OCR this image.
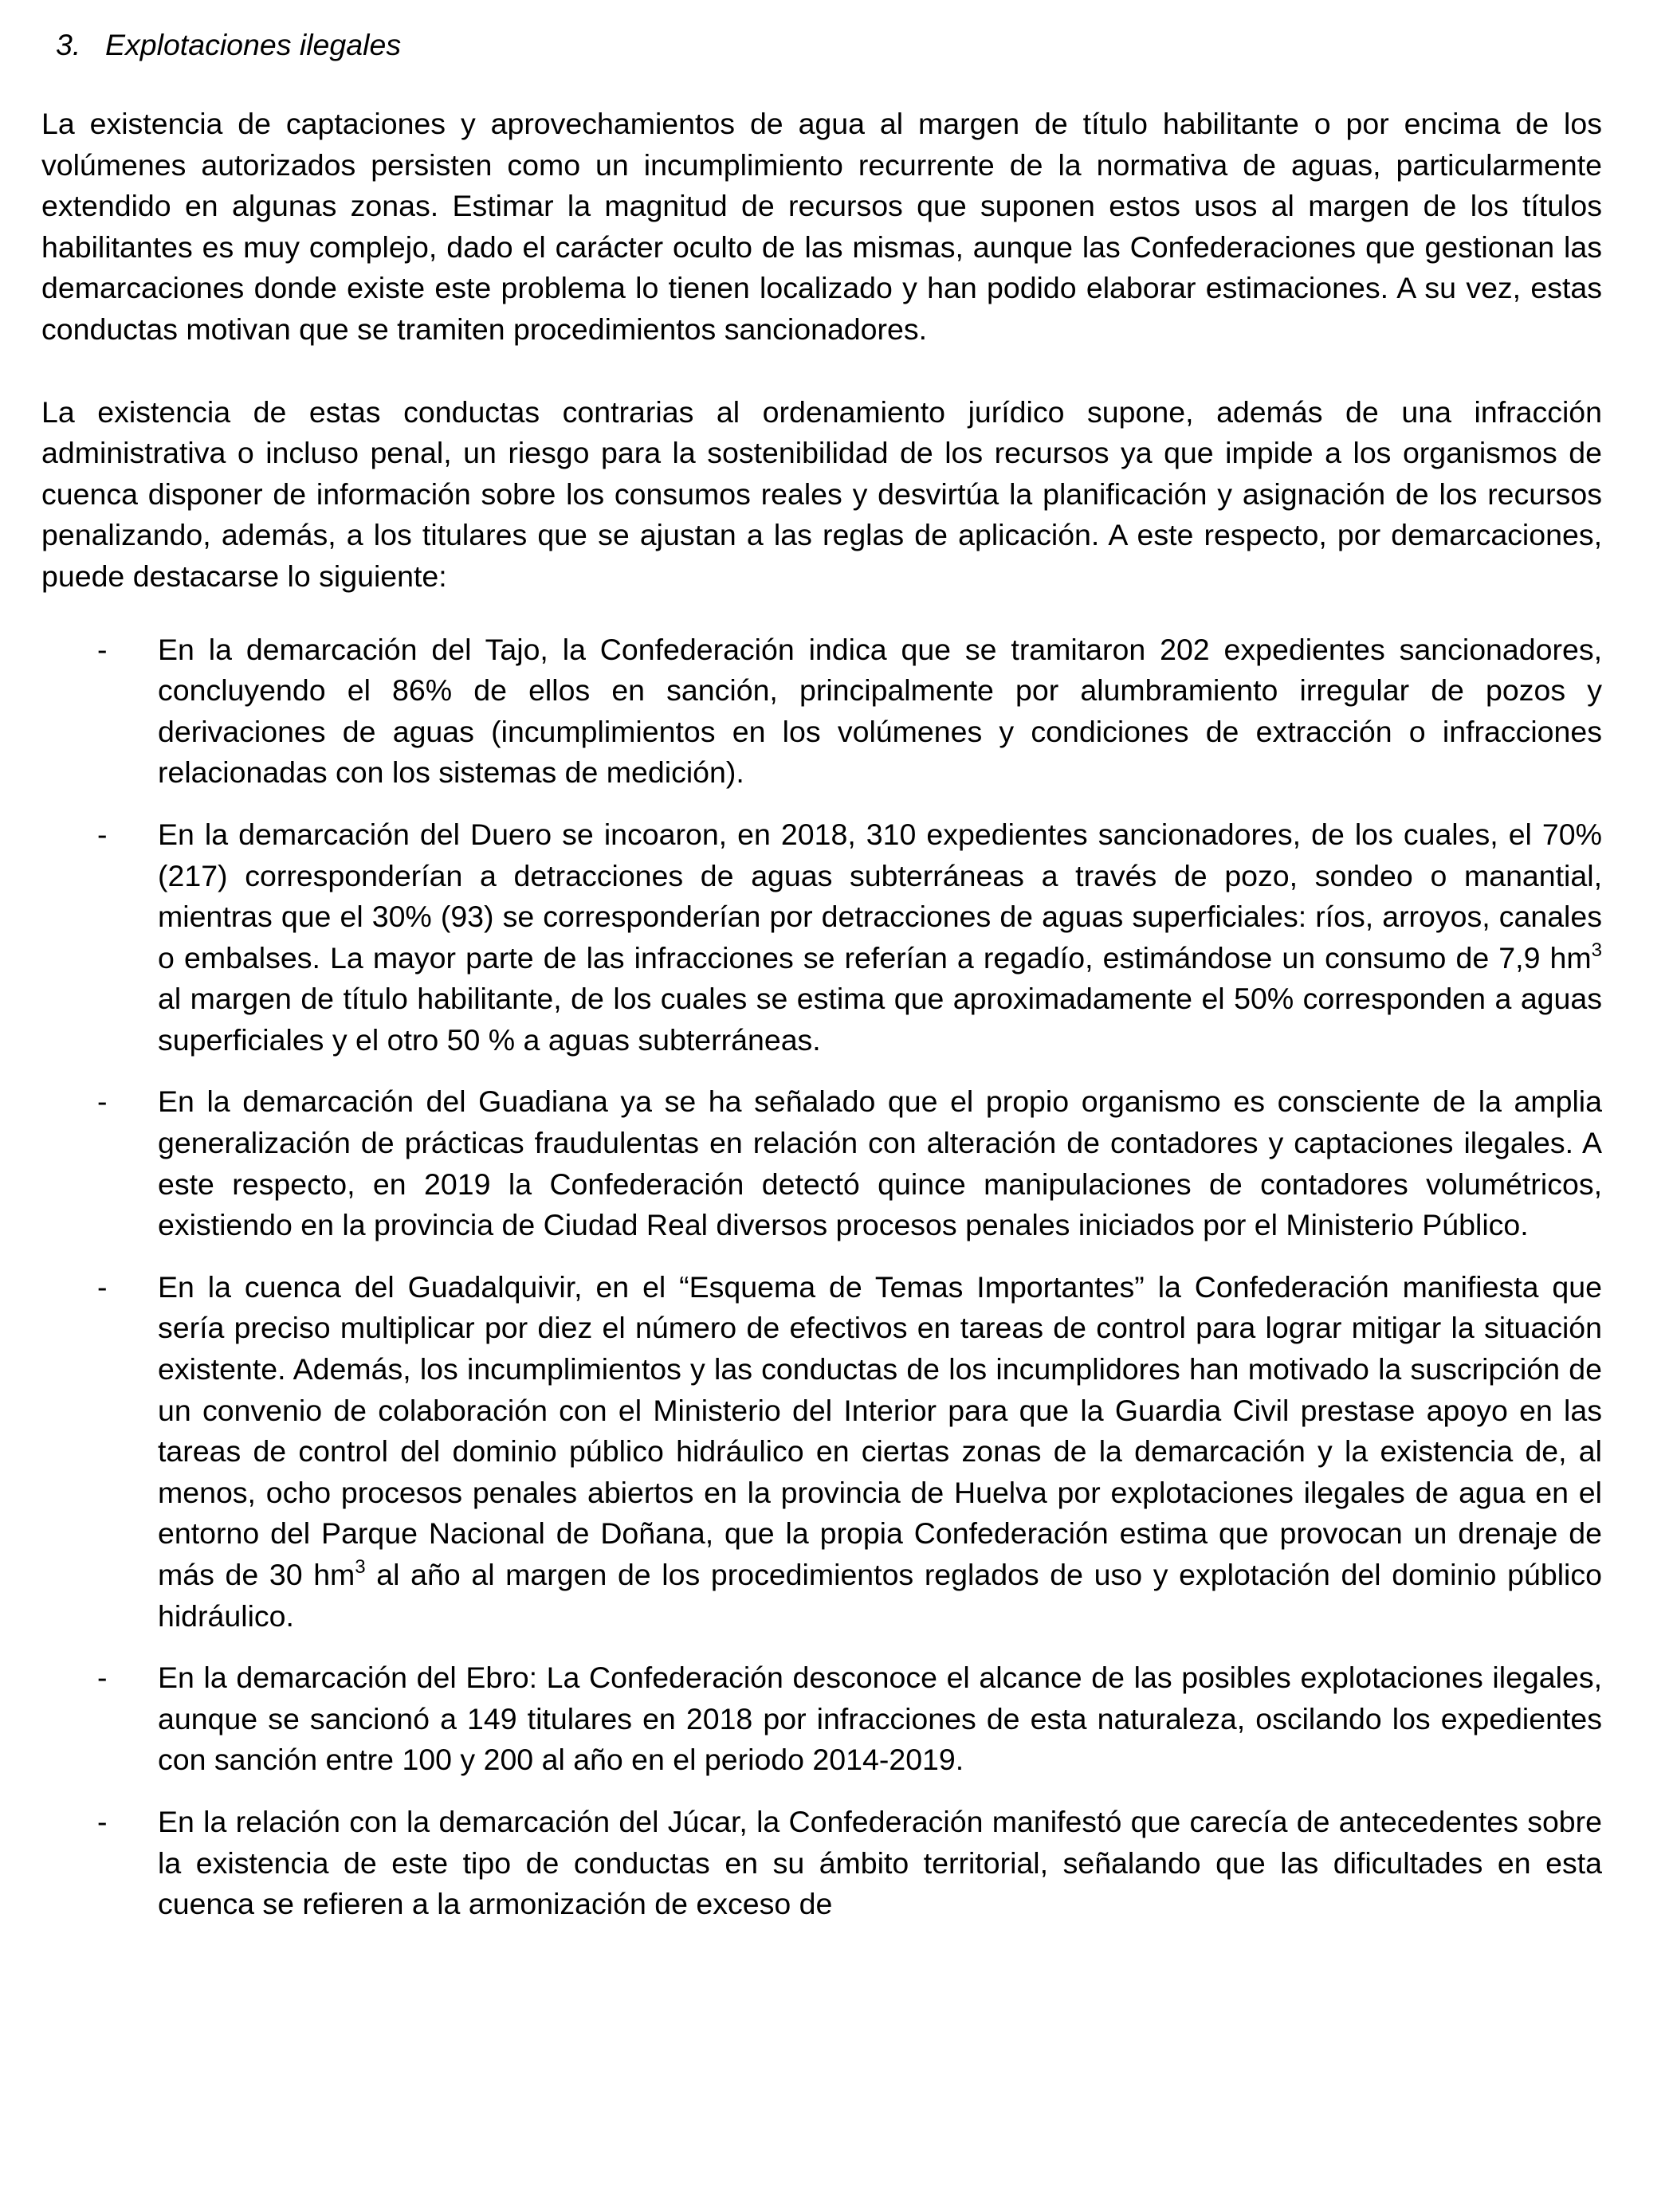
3. Explotaciones ilegales

La existencia de captaciones y aprovechamientos de agua al margen de título habilitante o por encima de los volúmenes autorizados persisten como un incumplimiento recurrente de la normativa de aguas, particularmente extendido en algunas zonas. Estimar la magnitud de recursos que suponen estos usos al margen de los títulos habilitantes es muy complejo, dado el carácter oculto de las mismas, aunque las Confederaciones que gestionan las demarcaciones donde existe este problema lo tienen localizado y han podido elaborar estimaciones. A su vez, estas conductas motivan que se tramiten procedimientos sancionadores.

La existencia de estas conductas contrarias al ordenamiento jurídico supone, además de una infracción administrativa o incluso penal, un riesgo para la sostenibilidad de los recursos ya que impide a los organismos de cuenca disponer de información sobre los consumos reales y desvirtúa la planificación y asignación de los recursos penalizando, además, a los titulares que se ajustan a las reglas de aplicación. A este respecto, por demarcaciones, puede destacarse lo siguiente:

- En la demarcación del Tajo, la Confederación indica que se tramitaron 202 expedientes sancionadores, concluyendo el 86% de ellos en sanción, principalmente por alumbramiento irregular de pozos y derivaciones de aguas (incumplimientos en los volúmenes y condiciones de extracción o infracciones relacionadas con los sistemas de medición).
- En la demarcación del Duero se incoaron, en 2018, 310 expedientes sancionadores, de los cuales, el 70% (217) corresponderían a detracciones de aguas subterráneas a través de pozo, sondeo o manantial, mientras que el 30% (93) se corresponderían por detracciones de aguas superficiales: ríos, arroyos, canales o embalses. La mayor parte de las infracciones se referían a regadío, estimándose un consumo de 7,9 $hm^3$ al margen de título habilitante, de los cuales se estima que aproximadamente el 50% corresponden a aguas superficiales y el otro 50 % a aguas subterráneas.
- En la demarcación del Guadiana ya se ha señalado que el propio organismo es consciente de la amplia generalización de prácticas fraudulentas en relación con alteración de contadores y captaciones ilegales. A este respecto, en 2019 la Confederación detectó quince manipulaciones de contadores volumétricos, existiendo en la provincia de Ciudad Real diversos procesos penales iniciados por el Ministerio Público.
- En la cuenca del Guadalquivir, en el “Esquema de Temas Importantes” la Confederación manifiesta que sería preciso multiplicar por diez el número de efectivos en tareas de control para lograr mitigar la situación existente. Además, los incumplimientos y las conductas de los incumplidores han motivado la suscripción de un convenio de colaboración con el Ministerio del Interior para que la Guardia Civil prestase apoyo en las tareas de control del dominio público hidráulico en ciertas zonas de la demarcación y la existencia de, al menos, ocho procesos penales abiertos en la provincia de Huelva por explotaciones ilegales de agua en el entorno del Parque Nacional de Doñana, que la propia Confederación estima que provocan un drenaje de más de 30 $hm^3$ al año al margen de los procedimientos reglados de uso y explotación del dominio público hidráulico.
- En la demarcación del Ebro: La Confederación desconoce el alcance de las posibles explotaciones ilegales, aunque se sancionó a 149 titulares en 2018 por infracciones de esta naturaleza, oscilando los expedientes con sanción entre 100 y 200 al año en el periodo 2014-2019.
- En la relación con la demarcación del Júcar, la Confederación manifestó que carecía de antecedentes sobre la existencia de este tipo de conductas en su ámbito territorial, señalando que las dificultades en esta cuenca se refieren a la armonización de exceso de
